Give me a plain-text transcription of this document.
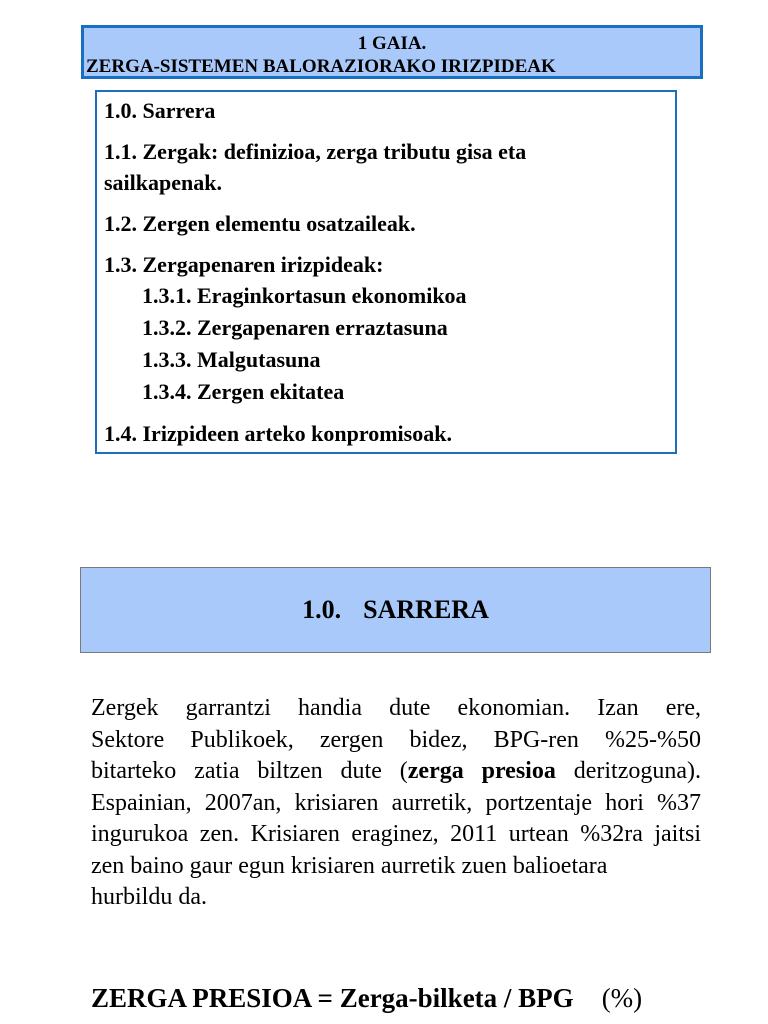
1 GAIA.
ZERGA-SISTEMEN BALORAZIORAKO IRIZPIDEAK
1.0. Sarrera
1.1. Zergak: definizioa, zerga tributu gisa eta
sailkapenak.
1.2. Zergen elementu osatzaileak.
1.3. Zergapenaren irizpideak:
1.3.1. Eraginkortasun ekonomikoa
1.3.2. Zergapenaren erraztasuna
1.3.3. Malgutasuna
1.3.4. Zergen ekitatea
1.4. Irizpideen arteko konpromisoak.
1.0. SARRERA

Zergek garrantzi handia dute ekonomian. Izan ere,

Sektore Publikoek, zergen bidez, BPG-ren %25-%50

bitarteko zatia biltzen dute (zerga presioa deritzoguna).

Espainian, 2007an, krisiaren aurretik, portzentaje hori %37

ingurukoa zen. Krisiaren eraginez, 2011 urtean %32ra jaitsi

zen baino gaur egun krisiaren aurretik zuen balioetara

hurbildu da.

ZERGA PRESIOA = Zerga-bilketa / BPG (%)
